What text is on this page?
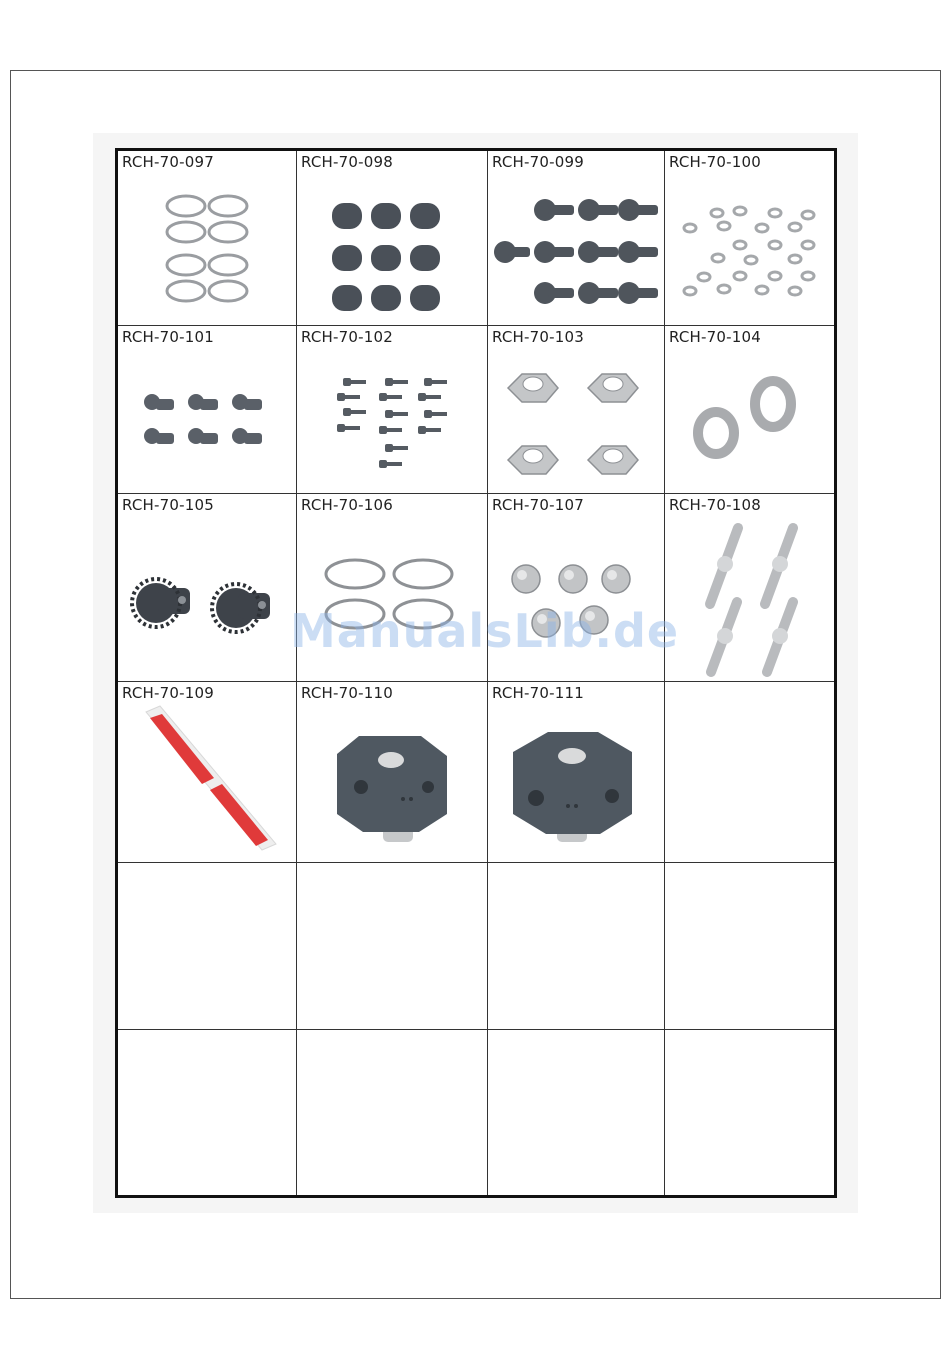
RCH-70-097	RCH-70-098	RCH-70-099	RCH-70-100
RCH-70-101	RCH-70-102	RCH-70-103	RCH-70-104
RCH-70-105	RCH-70-106	RCH-70-107	RCH-70-108
RCH-70-109	RCH-70-110	RCH-70-111
ManualsLib.de
